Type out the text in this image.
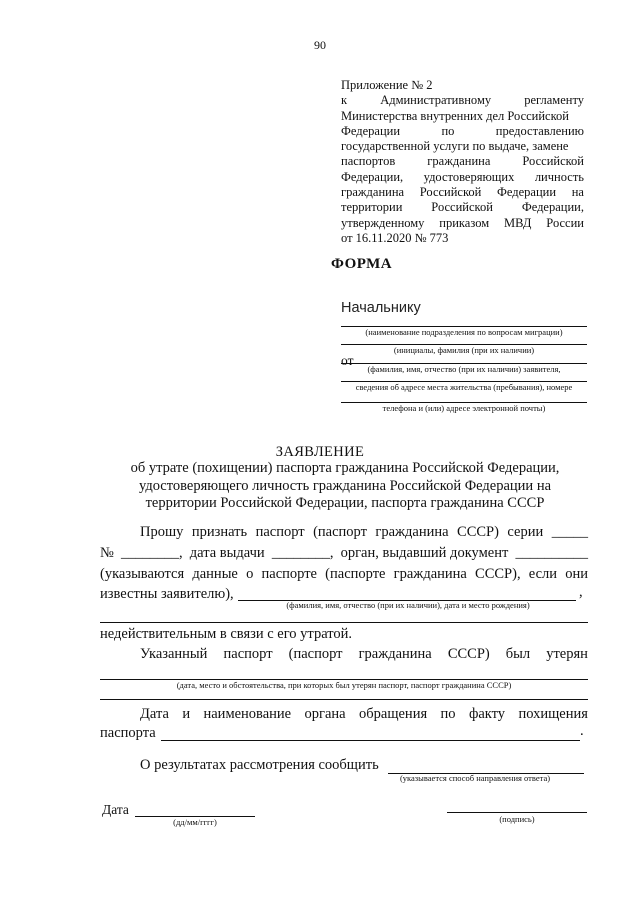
90
Приложение № 2
к	Административному	регламенту
Министерства внутренних дел Российской
Федерации	по	предоставлению
государственной услуги по выдаче, замене
паспортов	гражданина	Российской
Федерации, удостоверяющих личность
гражданина Российской Федерации на
территории Российской Федерации,
утвержденному приказом МВД России
от 16.11.2020 № 773
ФОРМА
Начальнику
(наименование подразделения по вопросам миграции)
(инициалы, фамилия (при их наличии)
от
(фамилия, имя, отчество (при их наличии) заявителя,
сведения об адресе места жительства (пребывания), номере
телефона и (или) адресе электронной почты)
ЗАЯВЛЕНИЕ
об утрате (похищении) паспорта гражданина Российской Федерации,
удостоверяющего личность гражданина Российской Федерации на
территории Российской Федерации, паспорта гражданина СССР
Прошу признать паспорт (паспорт гражданина СССР) серии _____
№ ________, дата выдачи ________, орган, выдавший документ __________
(указываются данные о паспорте (паспорте гражданина СССР), если они
известны заявителю),	,
(фамилия, имя, отчество (при их наличии), дата и место рождения)
недействительным в связи с его утратой.
Указанный паспорт (паспорт гражданина СССР) был утерян
(дата, место и обстоятельства, при которых был утерян паспорт, паспорт гражданина СССР)
Дата и наименование органа обращения по факту похищения
паспорта	.
О результатах рассмотрения сообщить
(указывается способ направления ответа)
Дата
(дд/мм/гггг)	(подпись)
